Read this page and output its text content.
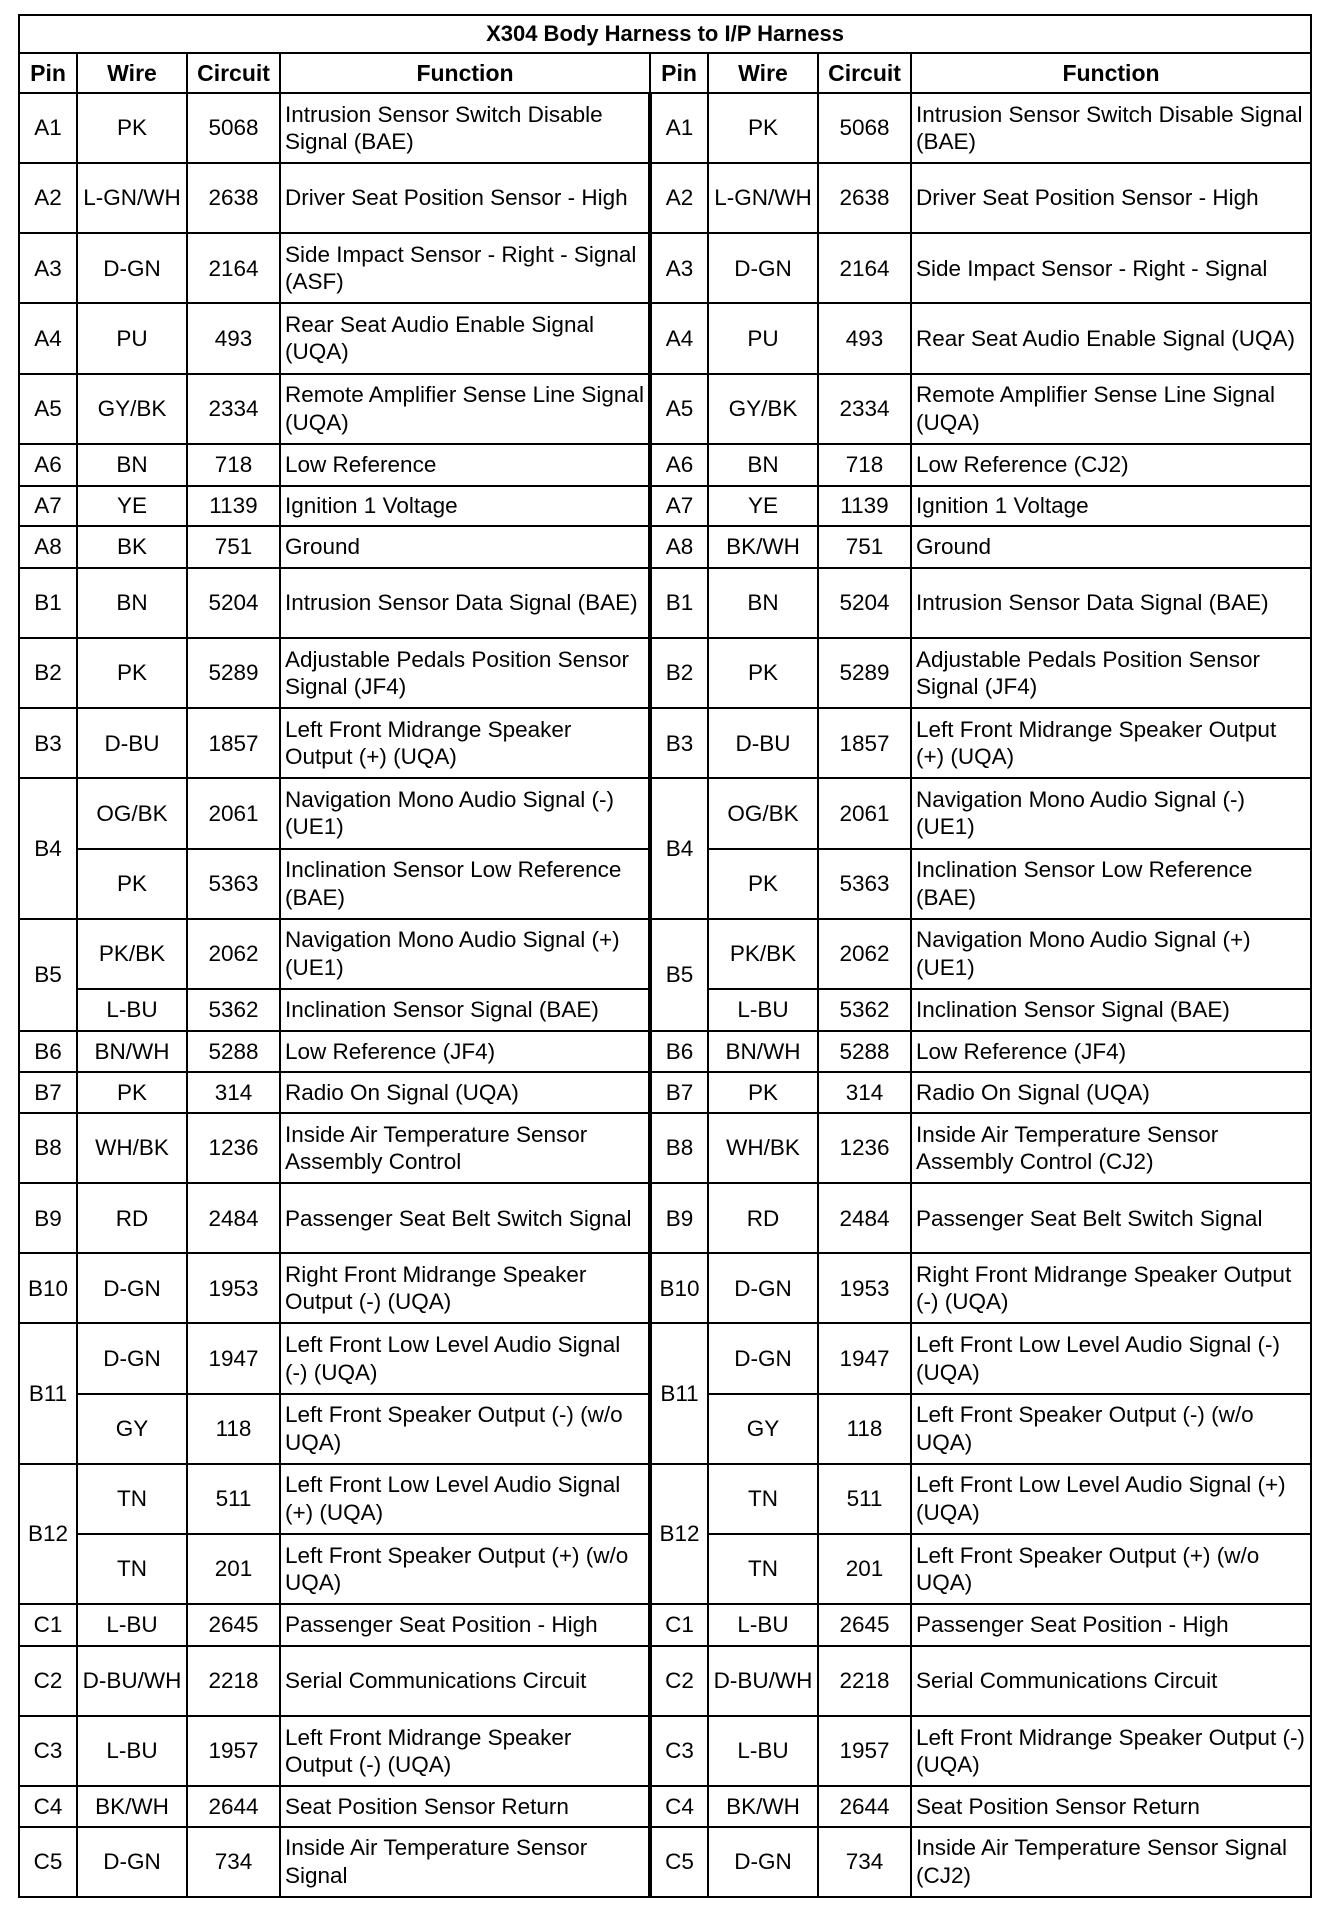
X304 Body Harness to I/P Harness							
Pin	Wire	Circuit	Function	Pin	Wire	Circuit	Function
A1	PK	5068	Intrusion Sensor Switch Disable Signal (BAE)	A1	PK	5068	Intrusion Sensor Switch Disable Signal (BAE)
A2	L-GN/WH	2638	Driver Seat Position Sensor - High	A2	L-GN/WH	2638	Driver Seat Position Sensor - High
A3	D-GN	2164	Side Impact Sensor - Right - Signal (ASF)	A3	D-GN	2164	Side Impact Sensor - Right - Signal
A4	PU	493	Rear Seat Audio Enable Signal (UQA)	A4	PU	493	Rear Seat Audio Enable Signal (UQA)
A5	GY/BK	2334	Remote Amplifier Sense Line Signal (UQA)	A5	GY/BK	2334	Remote Amplifier Sense Line Signal (UQA)
A6	BN	718	Low Reference	A6	BN	718	Low Reference (CJ2)
A7	YE	1139	Ignition 1 Voltage	A7	YE	1139	Ignition 1 Voltage
A8	BK	751	Ground	A8	BK/WH	751	Ground
B1	BN	5204	Intrusion Sensor Data Signal (BAE)	B1	BN	5204	Intrusion Sensor Data Signal (BAE)
B2	PK	5289	Adjustable Pedals Position Sensor Signal (JF4)	B2	PK	5289	Adjustable Pedals Position Sensor Signal (JF4)
B3	D-BU	1857	Left Front Midrange Speaker Output (+) (UQA)	B3	D-BU	1857	Left Front Midrange Speaker Output (+) (UQA)
B4	OG/BK	2061	Navigation Mono Audio Signal (-) (UE1)	B4	OG/BK	2061	Navigation Mono Audio Signal (-) (UE1)
	PK	5363	Inclination Sensor Low Reference (BAE)		PK	5363	Inclination Sensor Low Reference (BAE)
B5	PK/BK	2062	Navigation Mono Audio Signal (+) (UE1)	B5	PK/BK	2062	Navigation Mono Audio Signal (+) (UE1)
	L-BU	5362	Inclination Sensor Signal (BAE)		L-BU	5362	Inclination Sensor Signal (BAE)
B6	BN/WH	5288	Low Reference (JF4)	B6	BN/WH	5288	Low Reference (JF4)
B7	PK	314	Radio On Signal (UQA)	B7	PK	314	Radio On Signal (UQA)
B8	WH/BK	1236	Inside Air Temperature Sensor Assembly Control	B8	WH/BK	1236	Inside Air Temperature Sensor Assembly Control (CJ2)
B9	RD	2484	Passenger Seat Belt Switch Signal	B9	RD	2484	Passenger Seat Belt Switch Signal
B10	D-GN	1953	Right Front Midrange Speaker Output (-) (UQA)	B10	D-GN	1953	Right Front Midrange Speaker Output (-) (UQA)
B11	D-GN	1947	Left Front Low Level Audio Signal (-) (UQA)	B11	D-GN	1947	Left Front Low Level Audio Signal (-) (UQA)
	GY	118	Left Front Speaker Output (-) (w/o UQA)		GY	118	Left Front Speaker Output (-) (w/o UQA)
B12	TN	511	Left Front Low Level Audio Signal (+) (UQA)	B12	TN	511	Left Front Low Level Audio Signal (+) (UQA)
	TN	201	Left Front Speaker Output (+) (w/o UQA)		TN	201	Left Front Speaker Output (+) (w/o UQA)
C1	L-BU	2645	Passenger Seat Position - High	C1	L-BU	2645	Passenger Seat Position - High
C2	D-BU/WH	2218	Serial Communications Circuit	C2	D-BU/WH	2218	Serial Communications Circuit
C3	L-BU	1957	Left Front Midrange Speaker Output (-) (UQA)	C3	L-BU	1957	Left Front Midrange Speaker Output (-) (UQA)
C4	BK/WH	2644	Seat Position Sensor Return	C4	BK/WH	2644	Seat Position Sensor Return
C5	D-GN	734	Inside Air Temperature Sensor Signal	C5	D-GN	734	Inside Air Temperature Sensor Signal (CJ2)
